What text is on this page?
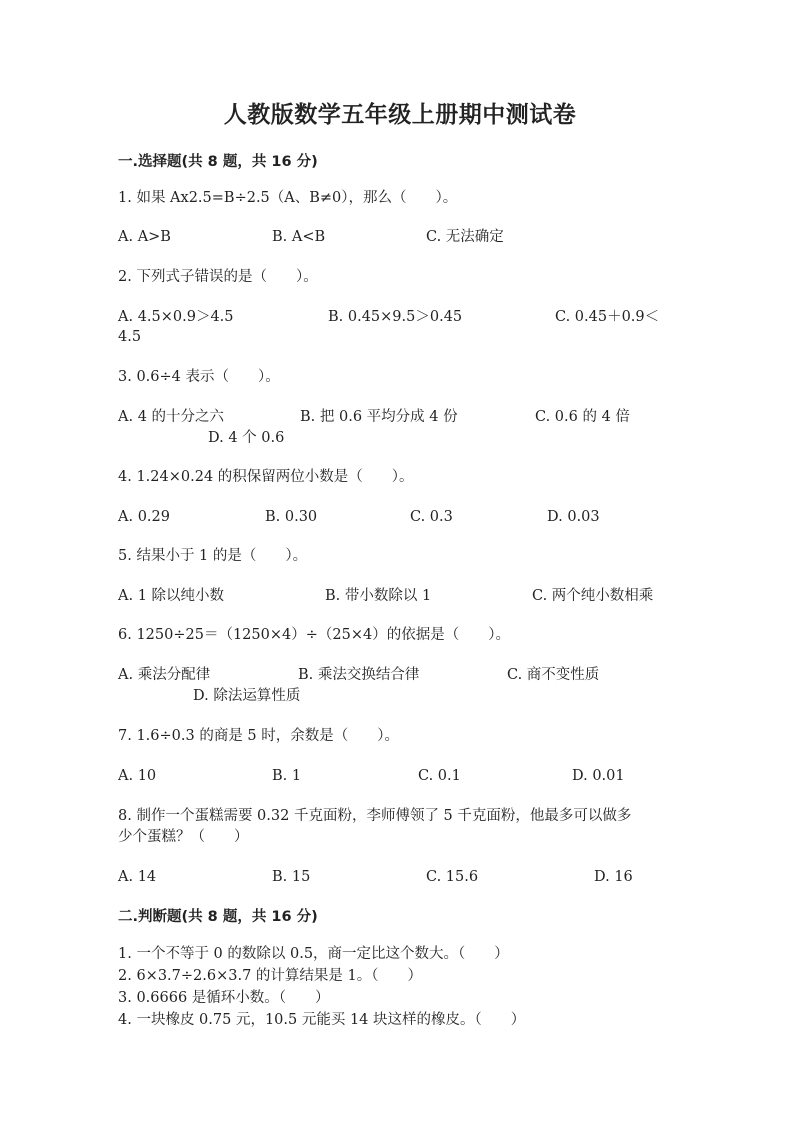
人教版数学五年级上册期中测试卷
一.选择题(共 8 题，共 16 分)
1. 如果 Ax2.5=B÷2.5（A、B≠0），那么（　　）。
A. A>B	B. A<B	C. 无法确定
2. 下列式子错误的是（　　）。
A. 4.5×0.9＞4.5	B. 0.45×9.5＞0.45	C. 0.45＋0.9＜
4.5
3. 0.6÷4 表示（　　）。
A. 4 的十分之六	B. 把 0.6 平均分成 4 份	C. 0.6 的 4 倍
D. 4 个 0.6
4. 1.24×0.24 的积保留两位小数是（　　）。
A. 0.29	B. 0.30	C. 0.3	D. 0.03
5. 结果小于 1 的是（　　）。
A. 1 除以纯小数	B. 带小数除以 1	C. 两个纯小数相乘
6. 1250÷25＝（1250×4）÷（25×4）的依据是（　　）。
A. 乘法分配律	B. 乘法交换结合律	C. 商不变性质
D. 除法运算性质
7. 1.6÷0.3 的商是 5 时，余数是（　　）。
A. 10	B. 1	C. 0.1	D. 0.01
8. 制作一个蛋糕需要 0.32 千克面粉，李师傅领了 5 千克面粉，他最多可以做多
少个蛋糕？（　　）
A. 14	B. 15	C. 15.6	D. 16
二.判断题(共 8 题，共 16 分)
1. 一个不等于 0 的数除以 0.5，商一定比这个数大。（　　）
2. 6×3.7÷2.6×3.7 的计算结果是 1。（　　）
3. 0.6666 是循环小数。（　　）
4. 一块橡皮 0.75 元，10.5 元能买 14 块这样的橡皮。（　　）
